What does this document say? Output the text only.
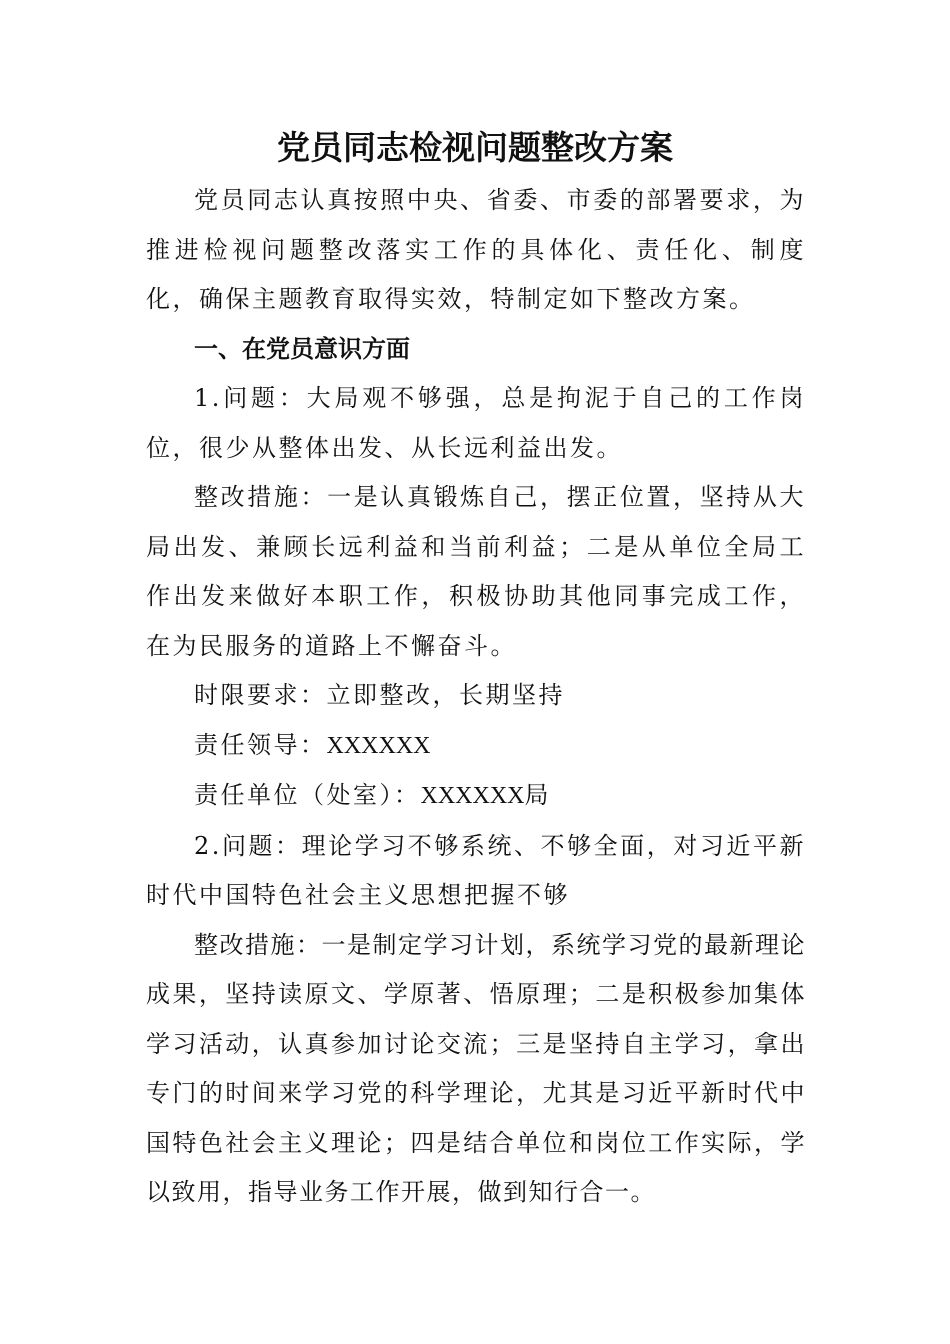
党员同志检视问题整改方案

党员同志认真按照中央、省委、市委的部署要求，为推进检视问题整改落实工作的具体化、责任化、制度化，确保主题教育取得实效，特制定如下整改方案。

一、在党员意识方面

1.问题：大局观不够强，总是拘泥于自己的工作岗位，很少从整体出发、从长远利益出发。

整改措施：一是认真锻炼自己，摆正位置，坚持从大局出发、兼顾长远利益和当前利益；二是从单位全局工作出发来做好本职工作，积极协助其他同事完成工作，在为民服务的道路上不懈奋斗。

时限要求：立即整改，长期坚持

责任领导：XXXXXX

责任单位（处室）：XXXXXX局

2.问题：理论学习不够系统、不够全面，对习近平新时代中国特色社会主义思想把握不够

整改措施：一是制定学习计划，系统学习党的最新理论成果，坚持读原文、学原著、悟原理；二是积极参加集体学习活动，认真参加讨论交流；三是坚持自主学习，拿出专门的时间来学习党的科学理论，尤其是习近平新时代中国特色社会主义理论；四是结合单位和岗位工作实际，学以致用，指导业务工作开展，做到知行合一。
